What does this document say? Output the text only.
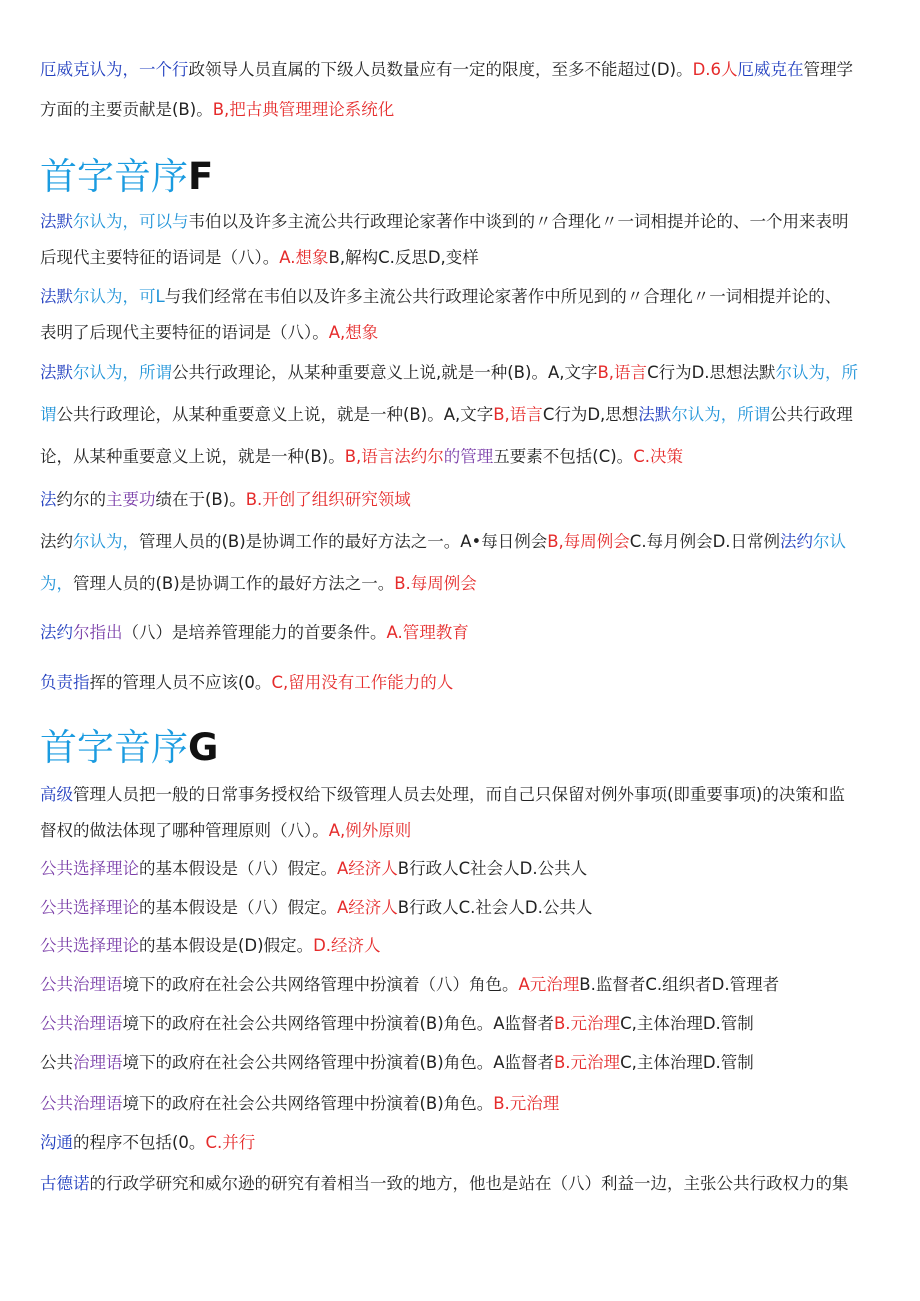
厄威克认为，一个行政领导人员直属的下级人员数量应有一定的限度，至多不能超过(D)。D.6人厄威克在管理学
方面的主要贡献是(B)。B,把古典管理理论系统化
首字音序F
法默尔认为，可以与韦伯以及许多主流公共行政理论家著作中谈到的〃合理化〃一词相提并论的、一个用来表明
后现代主要特征的语词是（八）。A.想象B,解构C.反思D,变样
法默尔认为，可L与我们经常在韦伯以及许多主流公共行政理论家著作中所见到的〃合理化〃一词相提并论的、
表明了后现代主要特征的语词是（八）。A,想象
法默尔认为，所谓公共行政理论，从某种重要意义上说,就是一种(B)。A,文字B,语言C行为D.思想法默尔认为，所
谓公共行政理论，从某种重要意义上说，就是一种(B)。A,文字B,语言C行为D,思想法默尔认为，所谓公共行政理
论，从某种重要意义上说，就是一种(B)。B,语言法约尔的管理五要素不包括(C)。C.决策
法约尔的主要功绩在于(B)。B.开创了组织研究领域
法约尔认为，管理人员的(B)是协调工作的最好方法之一。A•每日例会B,每周例会C.每月例会D.日常例法约尔认
为，管理人员的(B)是协调工作的最好方法之一。B.每周例会
法约尔指出（八）是培养管理能力的首要条件。A.管理教育
负责指挥的管理人员不应该(0。C,留用没有工作能力的人
首字音序G
高级管理人员把一般的日常事务授权给下级管理人员去处理，而自己只保留对例外事项(即重要事项)的决策和监
督权的做法体现了哪种管理原则（八）。A,例外原则
公共选择理论的基本假设是（八）假定。A经济人B行政人C社会人D.公共人
公共选择理论的基本假设是（八）假定。A经济人B行政人C.社会人D.公共人
公共选择理论的基本假设是(D)假定。D.经济人
公共治理语境下的政府在社会公共网络管理中扮演着（八）角色。A元治理B.监督者C.组织者D.管理者
公共治理语境下的政府在社会公共网络管理中扮演着(B)角色。A监督者B.元治理C,主体治理D.管制
公共治理语境下的政府在社会公共网络管理中扮演着(B)角色。A监督者B.元治理C,主体治理D.管制
公共治理语境下的政府在社会公共网络管理中扮演着(B)角色。B.元治理
沟通的程序不包括(0。C.并行
古德诺的行政学研究和威尔逊的研究有着相当一致的地方，他也是站在（八）利益一边，主张公共行政权力的集
